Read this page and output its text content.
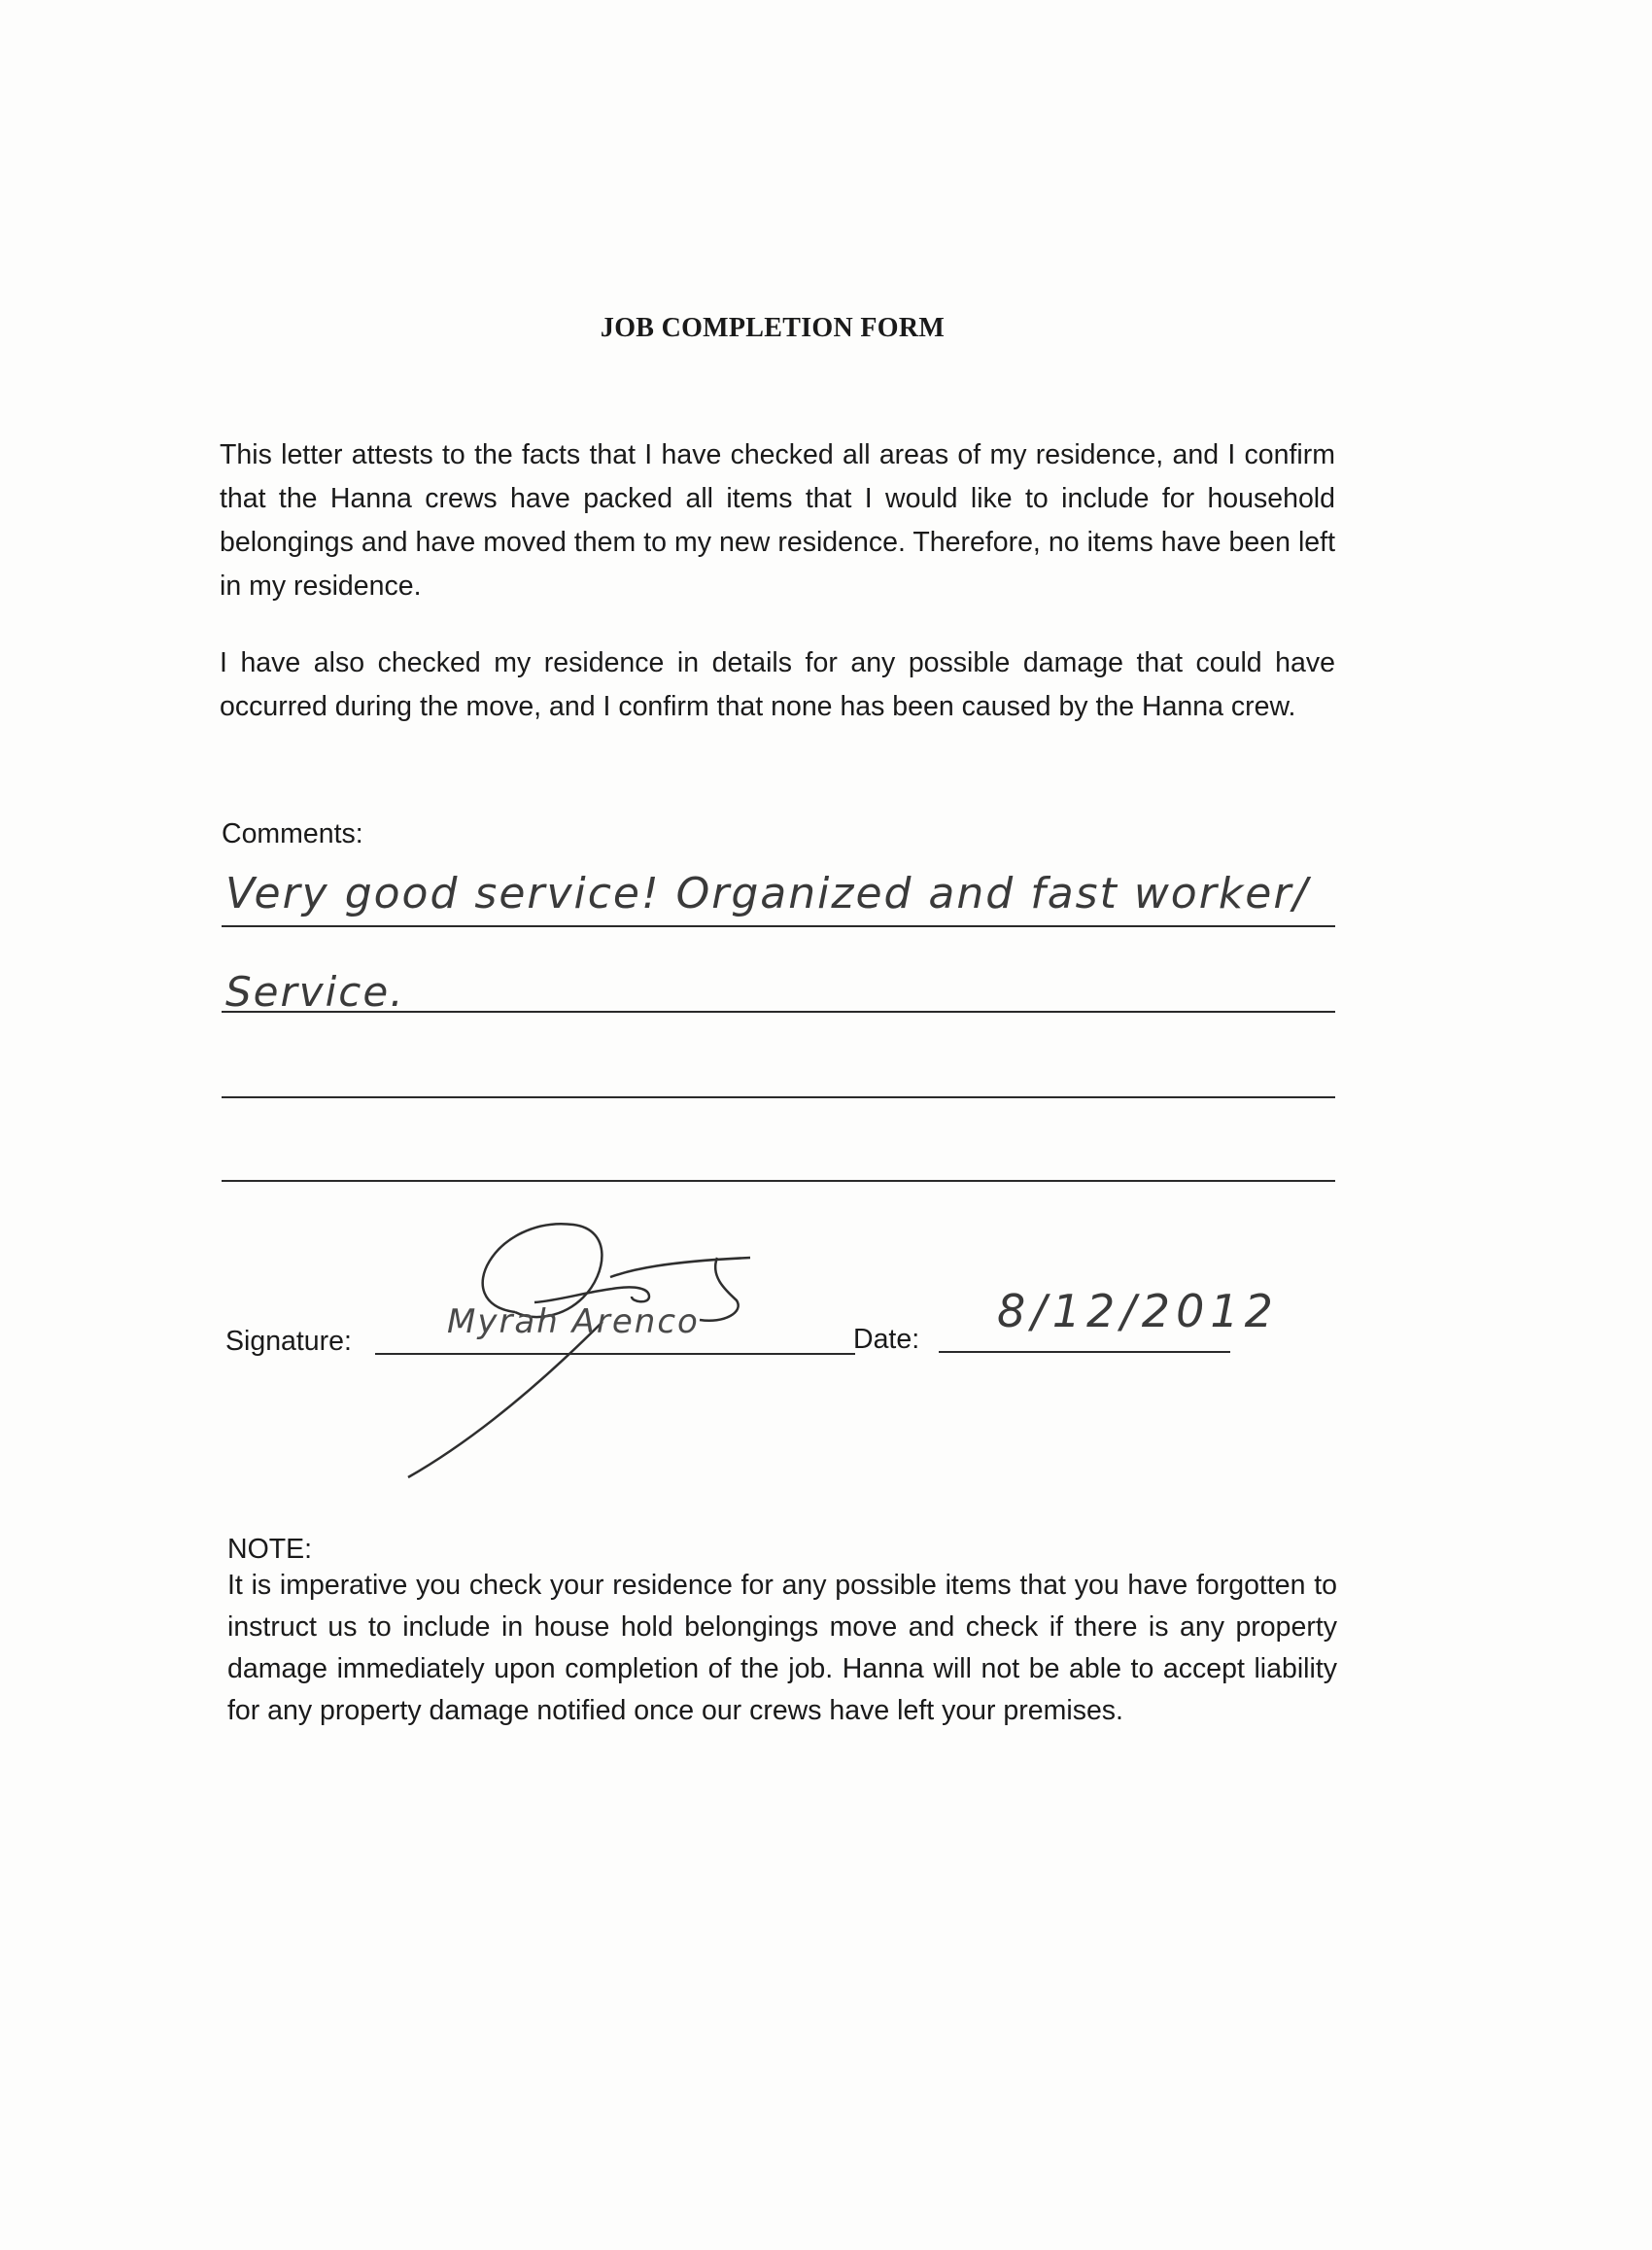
JOB COMPLETION FORM

This letter attests to the facts that I have checked all areas of my residence, and I confirm that the Hanna crews have packed all items that I would like to include for household belongings and have moved them to my new residence. Therefore, no items have been left in my residence.

I have also checked my residence in details for any possible damage that could have occurred during the move, and I confirm that none has been caused by the Hanna crew.

Comments:

Very good service! Organized and fast worker/
Service.
Signature:	Myrah Arenco	Date:
8/12/2012

NOTE:

It is imperative you check your residence for any possible items that you have forgotten to instruct us to include in house hold belongings move and check if there is any property damage immediately upon completion of the job. Hanna will not be able to accept liability for any property damage notified once our crews have left your premises.
